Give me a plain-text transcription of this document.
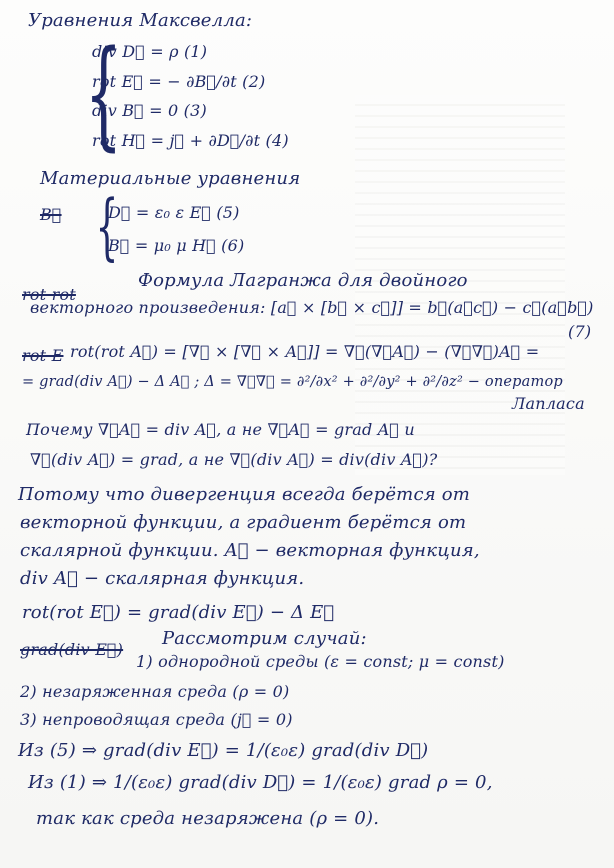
Уравнения Максвелла:
{
div D⃗ = ρ (1)
rot E⃗ = − ∂B⃗/∂t (2)
div B⃗ = 0 (3)
rot H⃗ = j⃗ + ∂D⃗/∂t (4)
Материальные уравнения
B⃗ {
D⃗ = ε₀ ε E⃗ (5)
B⃗ = μ₀ μ H⃗ (6)
rot rot
Формула Лагранжа для двойного
векторного произведения: [a⃗ × [b⃗ × c⃗]] = b⃗(a⃗c⃗) − c⃗(a⃗b⃗)
(7)
rot E rot(rot A⃗) = [∇⃗ × [∇⃗ × A⃗]] = ∇⃗(∇⃗A⃗) − (∇⃗∇⃗)A⃗ =
= grad(div A⃗) − Δ A⃗ ; Δ = ∇⃗∇⃗ = ∂²/∂x² + ∂²/∂y² + ∂²/∂z² − оператор
Лапласа
Почему ∇⃗A⃗ = div A⃗, а не ∇⃗A⃗ = grad A⃗ и
∇⃗(div A⃗) = grad, а не ∇⃗(div A⃗) = div(div A⃗)?
Потому что дивергенция всегда берётся от
векторной функции, а градиент берётся от
скалярной функции. A⃗ − векторная функция,
div A⃗ − скалярная функция.
rot(rot E⃗) = grad(div E⃗) − Δ E⃗
grad(div E⃗)
Рассмотрим случай:
1) однородной среды (ε = const; μ = const)
2) незаряженная среда (ρ = 0)
3) непроводящая среда (j⃗ = 0)
Из (5) ⇒ grad(div E⃗) = 1/(ε₀ε) grad(div D⃗)
Из (1) ⇒ 1/(ε₀ε) grad(div D⃗) = 1/(ε₀ε) grad ρ = 0,
так как среда незаряжена (ρ = 0).
